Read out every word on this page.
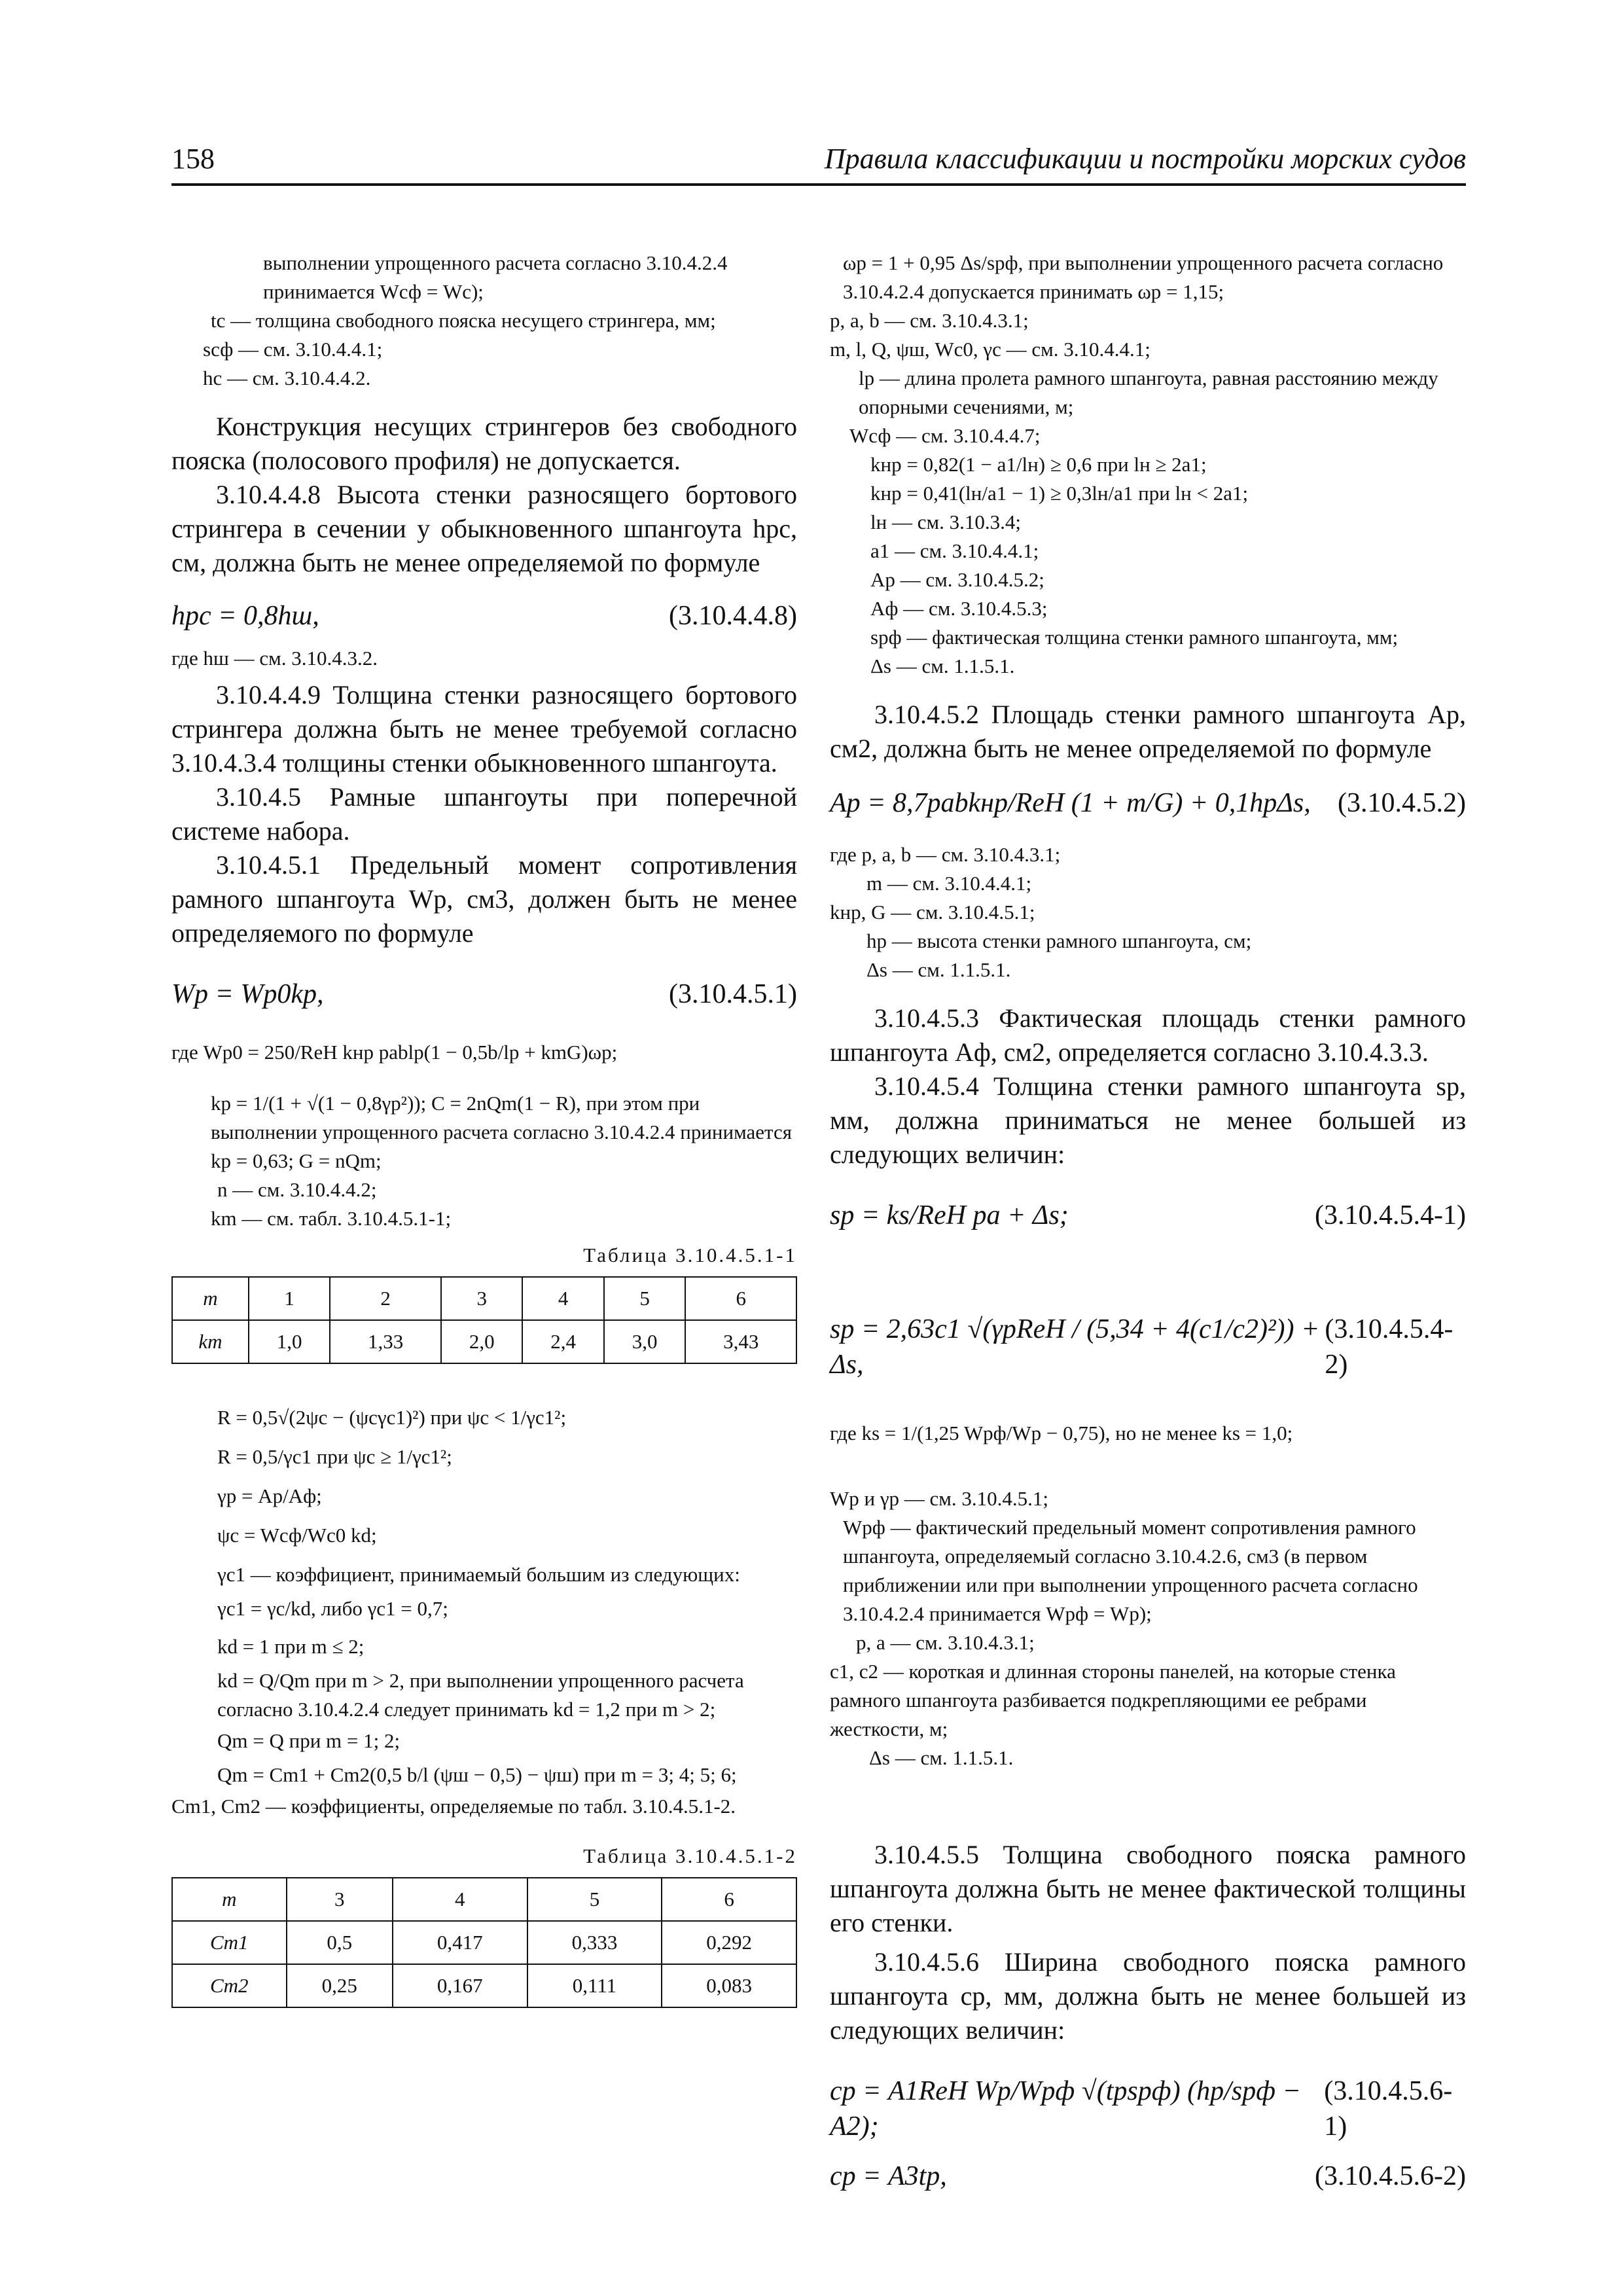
158	Правила классификации и постройки морских судов
выполнении упрощенного расчета согласно 3.10.4.2.4 принимается Wсф = Wc);
tc — толщина свободного пояска несущего стрингера, мм;
sсф — см. 3.10.4.4.1;
hc — см. 3.10.4.4.2.

Конструкция несущих стрингеров без свободного пояска (полосового профиля) не допускается.

3.10.4.4.8 Высота стенки разносящего бортового стрингера в сечении у обыкновенного шпангоута hрс, см, должна быть не менее определяемой по формуле

hрс = 0,8hш,	(3.10.4.4.8)
где hш — см. 3.10.4.3.2.

3.10.4.4.9 Толщина стенки разносящего бортового стрингера должна быть не менее требуемой согласно 3.10.4.3.4 толщины стенки обыкновенного шпангоута.

3.10.4.5 Рамные шпангоуты при поперечной системе набора.

3.10.4.5.1 Предельный момент сопротивления рамного шпангоута Wр, см3, должен быть не менее определяемого по формуле

Wр = Wр0kр,	(3.10.4.5.1)
где Wр0 = 250/ReH kнр pablр(1 − 0,5b/lр + kmG)ωр;
kр = 1/(1 + √(1 − 0,8γр²)); C = 2nQm(1 − R), при этом при выполнении упрощенного расчета согласно 3.10.4.2.4 принимается kр = 0,63; G = nQm;
n — см. 3.10.4.4.2;
km — см. табл. 3.10.4.5.1-1;
Таблица 3.10.4.5.1-1
m	1	2	3	4	5	6
km	1,0	1,33	2,0	2,4	3,0	3,43
R = 0,5√(2ψc − (ψcγc1)²) при ψc < 1/γc1²;
R = 0,5/γc1 при ψc ≥ 1/γc1²;
γр = Aр/Aф;
ψc = Wсф/Wс0 kd;
γc1 — коэффициент, принимаемый большим из следующих:
γc1 = γc/kd, либо γc1 = 0,7;
kd = 1 при m ≤ 2;
kd = Q/Qm при m > 2, при выполнении упрощенного расчета согласно 3.10.4.2.4 следует принимать kd = 1,2 при m > 2;
Qm = Q при m = 1; 2;
Qm = Cm1 + Cm2(0,5 b/l (ψш − 0,5) − ψш) при m = 3; 4; 5; 6;
Cm1, Cm2 — коэффициенты, определяемые по табл. 3.10.4.5.1-2.
Таблица 3.10.4.5.1-2
m	3	4	5	6
Cm1	0,5	0,417	0,333	0,292
Cm2	0,25	0,167	0,111	0,083
ωр = 1 + 0,95 Δs/sрф, при выполнении упрощенного расчета согласно 3.10.4.2.4 допускается принимать ωр = 1,15;
p, a, b — см. 3.10.4.3.1;
m, l, Q, ψш, Wс0, γc — см. 3.10.4.4.1;
lр — длина пролета рамного шпангоута, равная расстоянию между опорными сечениями, м;
Wсф — см. 3.10.4.4.7;
kнр = 0,82(1 − a1/lн) ≥ 0,6 при lн ≥ 2a1;
kнр = 0,41(lн/a1 − 1) ≥ 0,3lн/a1 при lн < 2a1;
lн — см. 3.10.3.4;
a1 — см. 3.10.4.4.1;
Aр — см. 3.10.4.5.2;
Aф — см. 3.10.4.5.3;
sрф — фактическая толщина стенки рамного шпангоута, мм;
Δs — см. 1.1.5.1.

3.10.4.5.2 Площадь стенки рамного шпангоута Aр, см2, должна быть не менее определяемой по формуле

Aр = 8,7pabkнр/ReH (1 + m/G) + 0,1hрΔs, (3.10.4.5.2)
где p, a, b — см. 3.10.4.3.1;
m — см. 3.10.4.4.1;
kнр, G — см. 3.10.4.5.1;
hр — высота стенки рамного шпангоута, см;
Δs — см. 1.1.5.1.

3.10.4.5.3 Фактическая площадь стенки рамного шпангоута Aф, см2, определяется согласно 3.10.4.3.3.

3.10.4.5.4 Толщина стенки рамного шпангоута sр, мм, должна приниматься не менее большей из следующих величин:

sр = ks/ReH pa + Δs;	(3.10.4.5.4-1)
sр = 2,63c1 √(γрReH / (5,34 + 4(c1/c2)²)) + Δs,
(3.10.4.5.4-2)
где ks = 1/(1,25 Wрф/Wр − 0,75), но не менее ks = 1,0;
Wр и γр — см. 3.10.4.5.1;
Wрф — фактический предельный момент сопротивления рамного шпангоута, определяемый согласно 3.10.4.2.6, см3 (в первом приближении или при выполнении упрощенного расчета согласно 3.10.4.2.4 принимается Wрф = Wр);
p, a — см. 3.10.4.3.1;
c1, c2 — короткая и длинная стороны панелей, на которые стенка рамного шпангоута разбивается подкрепляющими ее ребрами жесткости, м;
Δs — см. 1.1.5.1.

3.10.4.5.5 Толщина свободного пояска рамного шпангоута должна быть не менее фактической толщины его стенки.

3.10.4.5.6 Ширина свободного пояска рамного шпангоута cр, мм, должна быть не менее большей из следующих величин:

cр = A1ReH Wр/Wрф √(tрsрф) (hр/sрф − A2);
(3.10.4.5.6-1)
cр = A3tр,	(3.10.4.5.6-2)
